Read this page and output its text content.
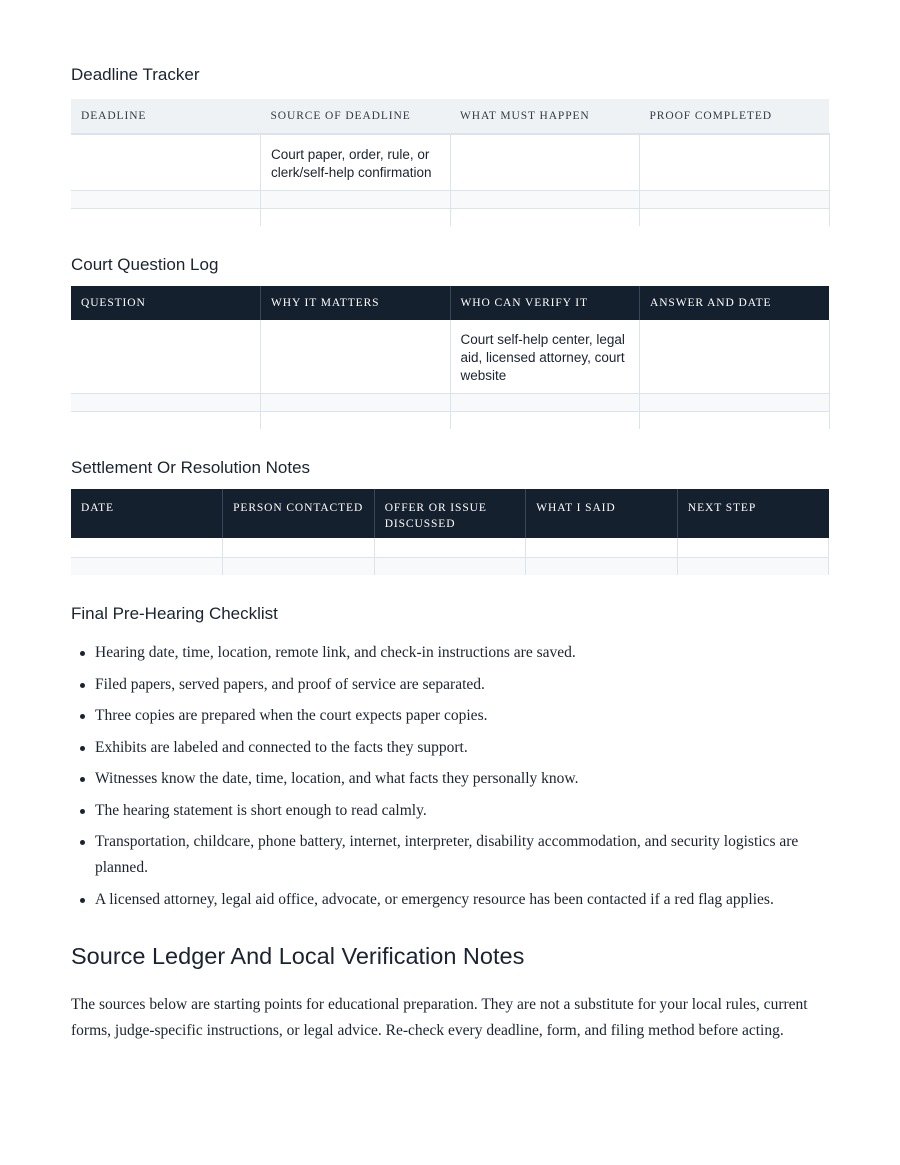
Deadline Tracker
DEADLINE	SOURCE OF DEADLINE	WHAT MUST HAPPEN	PROOF COMPLETED
	Court paper, order, rule, or clerk/self-help confirmation		

Court Question Log
QUESTION	WHY IT MATTERS	WHO CAN VERIFY IT	ANSWER AND DATE
		Court self-help center, legal aid, licensed attorney, court website	

Settlement Or Resolution Notes
DATE	PERSON CONTACTED	OFFER OR ISSUE DISCUSSED	WHAT I SAID	NEXT STEP

Final Pre-Hearing Checklist
Hearing date, time, location, remote link, and check-in instructions are saved.
Filed papers, served papers, and proof of service are separated.
Three copies are prepared when the court expects paper copies.
Exhibits are labeled and connected to the facts they support.
Witnesses know the date, time, location, and what facts they personally know.
The hearing statement is short enough to read calmly.
Transportation, childcare, phone battery, internet, interpreter, disability accommodation, and security logistics are planned.
A licensed attorney, legal aid office, advocate, or emergency resource has been contacted if a red flag applies.
Source Ledger And Local Verification Notes

The sources below are starting points for educational preparation. They are not a substitute for your local rules, current forms, judge-specific instructions, or legal advice. Re-check every deadline, form, and filing method before acting.
